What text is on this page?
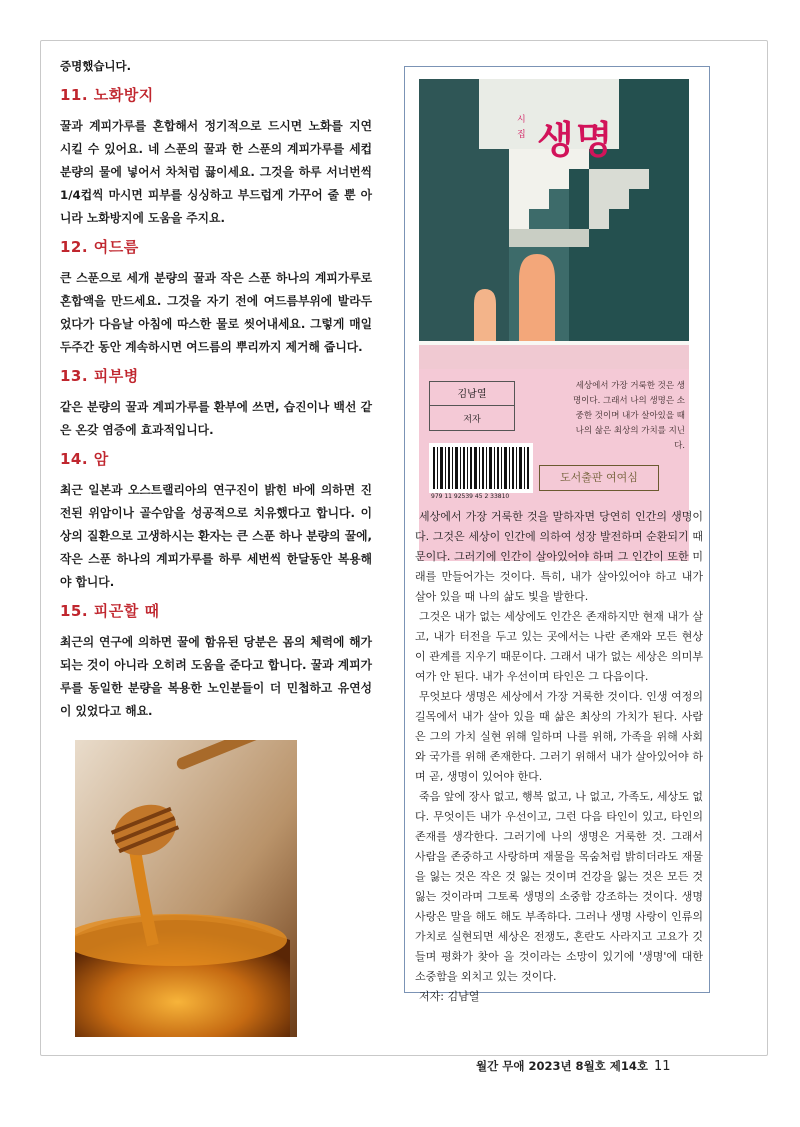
증명했습니다.

11. 노화방지

꿀과 계피가루를 혼합해서 정기적으로 드시면 노화를 지연 시킬 수 있어요. 네 스푼의 꿀과 한 스푼의 계피가루를 세컵 분량의 물에 넣어서 차처럼 끓이세요. 그것을 하루 서너번씩 1/4컵씩 마시면 피부를 싱싱하고 부드럽게 가꾸어 줄 뿐 아니라 노화방지에 도움을 주지요.

12. 여드름

큰 스푼으로 세개 분량의 꿀과 작은 스푼 하나의 계피가루로 혼합액을 만드세요. 그것을 자기 전에 여드름부위에 발라두었다가 다음날 아침에 따스한 물로 씻어내세요. 그렇게 매일 두주간 동안 계속하시면 여드름의 뿌리까지 제거해 줍니다.

13. 피부병

같은 분량의 꿀과 계피가루를 환부에 쓰면, 습진이나 백선 같은 온갖 염증에 효과적입니다.

14. 암

최근 일본과 오스트랠리아의 연구진이 밝힌 바에 의하면 진전된 위암이나 골수암을 성공적으로 치유했다고 합니다. 이상의 질환으로 고생하시는 환자는 큰 스푼 하나 분량의 꿀에, 작은 스푼 하나의 계피가루를 하루 세번씩 한달동안 복용해야 합니다.

15. 피곤할 때

최근의 연구에 의하면 꿀에 함유된 당분은 몸의 체력에 해가 되는 것이 아니라 오히려 도움을 준다고 합니다. 꿀과 계피가루를 동일한 분량을 복용한 노인분들이 더 민첩하고 유연성이 있었다고 해요.

시집 생명
김남열
저자
세상에서 가장 거룩한 것은 생명이다. 그래서 나의 생명은 소중한 것이며 내가 살아있을 때 나의 삶은 최상의 가치를 지닌다.
979 11 92539 45 2 33810
도서출판 여여심

세상에서 가장 거룩한 것을 말하자면 당연히 인간의 생명이다. 그것은 세상이 인간에 의하여 성장 발전하며 순환되기 때문이다. 그러기에 인간이 살아있어야 하며 그 인간이 또한 미래를 만들어가는 것이다. 특히, 내가 살아있어야 하고 내가 살아 있을 때 나의 삶도 빛을 발한다.

그것은 내가 없는 세상에도 인간은 존재하지만 현재 내가 살고, 내가 터전을 두고 있는 곳에서는 나란 존재와 모든 현상이 관계를 지우기 때문이다. 그래서 내가 없는 세상은 의미부여가 안 된다. 내가 우선이며 타인은 그 다음이다.

무엇보다 생명은 세상에서 가장 거룩한 것이다. 인생 여정의 길목에서 내가 살아 있을 때 삶은 최상의 가치가 된다. 사람은 그의 가치 실현 위해 일하며 나를 위해, 가족을 위해 사회와 국가를 위해 존재한다. 그러기 위해서 내가 살아있어야 하며 곧, 생명이 있어야 한다.

죽음 앞에 장사 없고, 행복 없고, 나 없고, 가족도, 세상도 없다. 무엇이든 내가 우선이고, 그런 다음 타인이 있고, 타인의 존재를 생각한다. 그러기에 나의 생명은 거룩한 것. 그래서 사람을 존중하고 사랑하며 재물을 목숨처럼 밝히더라도 재물을 잃는 것은 작은 것 잃는 것이며 건강을 잃는 것은 모든 것 잃는 것이라며 그토록 생명의 소중함 강조하는 것이다. 생명 사랑은 말을 해도 해도 부족하다. 그러나 생명 사랑이 인류의 가치로 실현되면 세상은 전쟁도, 혼란도 사라지고 고요가 깃들며 평화가 찾아 올 것이라는 소망이 있기에 '생명'에 대한 소중함을 외치고 있는 것이다.

저자: 김남열

월간 무애 2023년 8월호 제14호 11
